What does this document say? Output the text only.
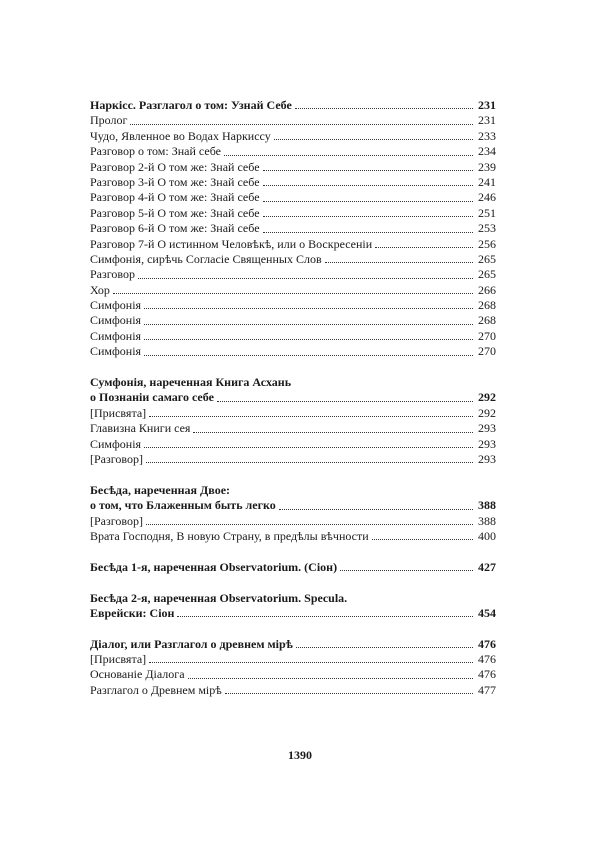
Наркісс. Разглагол о том: Узнай Себе	231
Пролог	231
Чудо, Явленное во Водах Наркиссу	233
Разговор о том: Знай себе	234
Разговор 2-й О том же: Знай себе	239
Разговор 3-й О том же: Знай себе	241
Разговор 4-й О том же: Знай себе	246
Разговор 5-й О том же: Знай себе	251
Разговор 6-й О том же: Знай себе	253
Разговор 7-й О истинном Человѣкѣ, или о Воскресеніи	256
Симфонія, сирѣчь Согласіе Священных Слов	265
Разговор	265
Хор	266
Симфонія	268
Симфонія	268
Симфонія	270
Симфонія	270
Сумфонія, нареченная Книга Асхань
о Познаніи самаго себе	292
[Присвята]	292
Главизна Книги сея	293
Симфонія	293
[Разговор]	293
Бесѣда, нареченная Двое:
о том, что Блаженным быть легко	388
[Разговор]	388
Врата Господня, В новую Страну, в предѣлы вѣчности	400
Бесѣда 1-я, нареченная Observatorium. (Сіон)	427
Бесѣда 2-я, нареченная Observatorium. Specula.
Еврейски: Сіон	454
Діалог, или Разглагол о древнем мірѣ	476
[Присвята]	476
Основаніе Діалога	476
Разглагол о Древнем мірѣ	477
1390
